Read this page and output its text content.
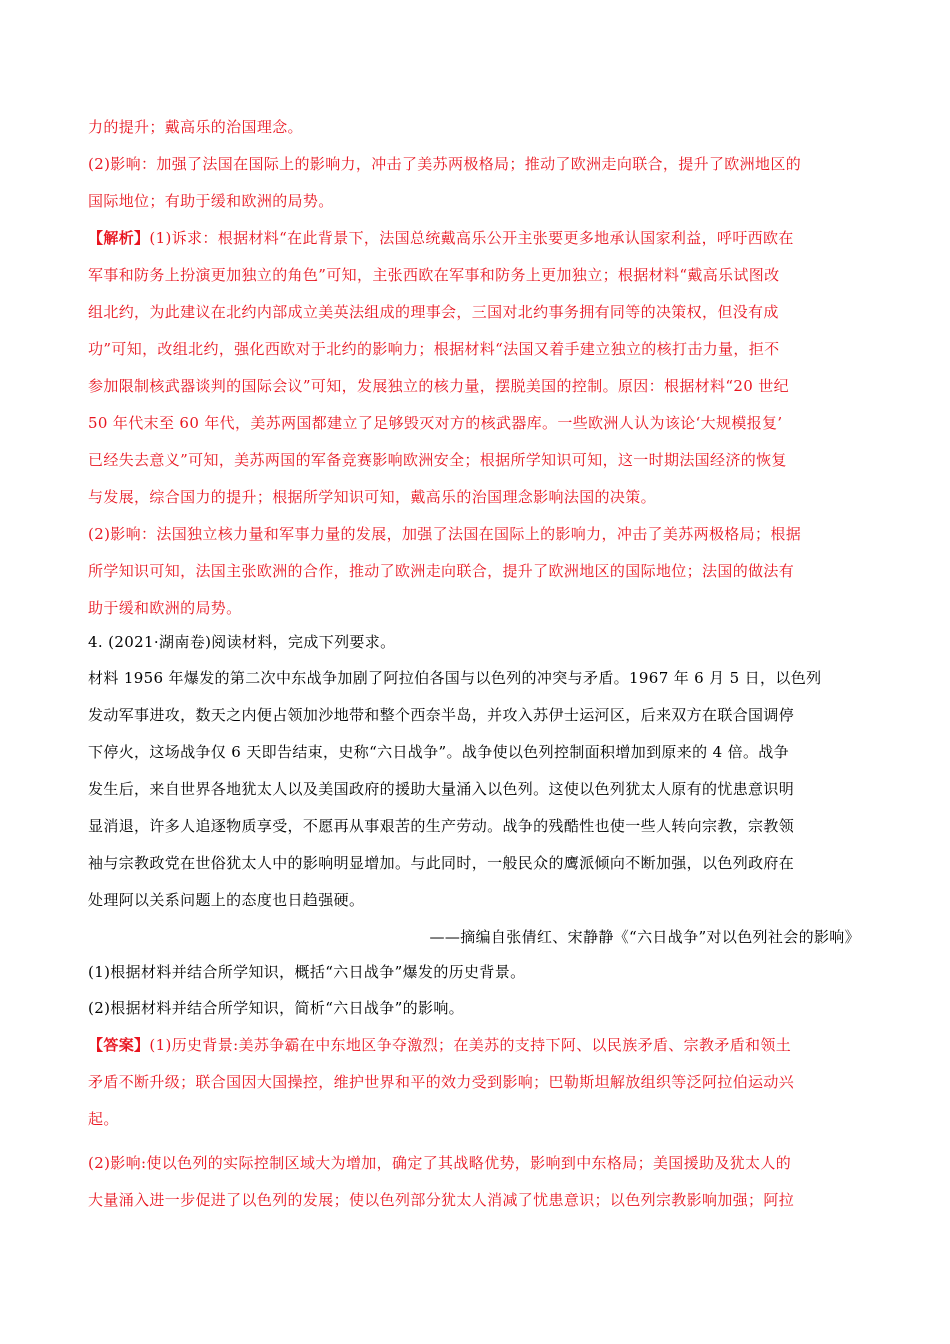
力的提升；戴高乐的治国理念。
(2)影响：加强了法国在国际上的影响力，冲击了美苏两极格局；推动了欧洲走向联合，提升了欧洲地区的
国际地位；有助于缓和欧洲的局势。
【解析】(1)诉求：根据材料“在此背景下，法国总统戴高乐公开主张要更多地承认国家利益，呼吁西欧在
军事和防务上扮演更加独立的角色”可知，主张西欧在军事和防务上更加独立；根据材料“戴高乐试图改
组北约，为此建议在北约内部成立美英法组成的理事会，三国对北约事务拥有同等的决策权，但没有成
功”可知，改组北约，强化西欧对于北约的影响力；根据材料“法国又着手建立独立的核打击力量，拒不
参加限制核武器谈判的国际会议”可知，发展独立的核力量，摆脱美国的控制。原因：根据材料“20 世纪
50 年代末至 60 年代，美苏两国都建立了足够毁灭对方的核武器库。一些欧洲人认为该论‘大规模报复’
已经失去意义”可知，美苏两国的军备竞赛影响欧洲安全；根据所学知识可知，这一时期法国经济的恢复
与发展，综合国力的提升；根据所学知识可知，戴高乐的治国理念影响法国的决策。
(2)影响：法国独立核力量和军事力量的发展，加强了法国在国际上的影响力，冲击了美苏两极格局；根据
所学知识可知，法国主张欧洲的合作，推动了欧洲走向联合，提升了欧洲地区的国际地位；法国的做法有
助于缓和欧洲的局势。
4. (2021·湖南卷)阅读材料，完成下列要求。
材料 1956 年爆发的第二次中东战争加剧了阿拉伯各国与以色列的冲突与矛盾。1967 年 6 月 5 日，以色列
发动军事进攻，数天之内便占领加沙地带和整个西奈半岛，并攻入苏伊士运河区，后来双方在联合国调停
下停火，这场战争仅 6 天即告结束，史称“六日战争”。战争使以色列控制面积增加到原来的 4 倍。战争
发生后，来自世界各地犹太人以及美国政府的援助大量涌入以色列。这使以色列犹太人原有的忧患意识明
显消退，许多人追逐物质享受，不愿再从事艰苦的生产劳动。战争的残酷性也使一些人转向宗教，宗教领
袖与宗教政党在世俗犹太人中的影响明显增加。与此同时，一般民众的鹰派倾向不断加强，以色列政府在
处理阿以关系问题上的态度也日趋强硬。
——摘编自张倩红、宋静静《“六日战争”对以色列社会的影响》
(1)根据材料并结合所学知识，概括“六日战争”爆发的历史背景。
(2)根据材料并结合所学知识，简析“六日战争”的影响。
【答案】(1)历史背景:美苏争霸在中东地区争夺激烈；在美苏的支持下阿、以民族矛盾、宗教矛盾和领土
矛盾不断升级；联合国因大国操控，维护世界和平的效力受到影响；巴勒斯坦解放组织等泛阿拉伯运动兴
起。
(2)影响:使以色列的实际控制区域大为增加，确定了其战略优势，影响到中东格局；美国援助及犹太人的
大量涌入进一步促进了以色列的发展；使以色列部分犹太人消减了忧患意识；以色列宗教影响加强；阿拉
